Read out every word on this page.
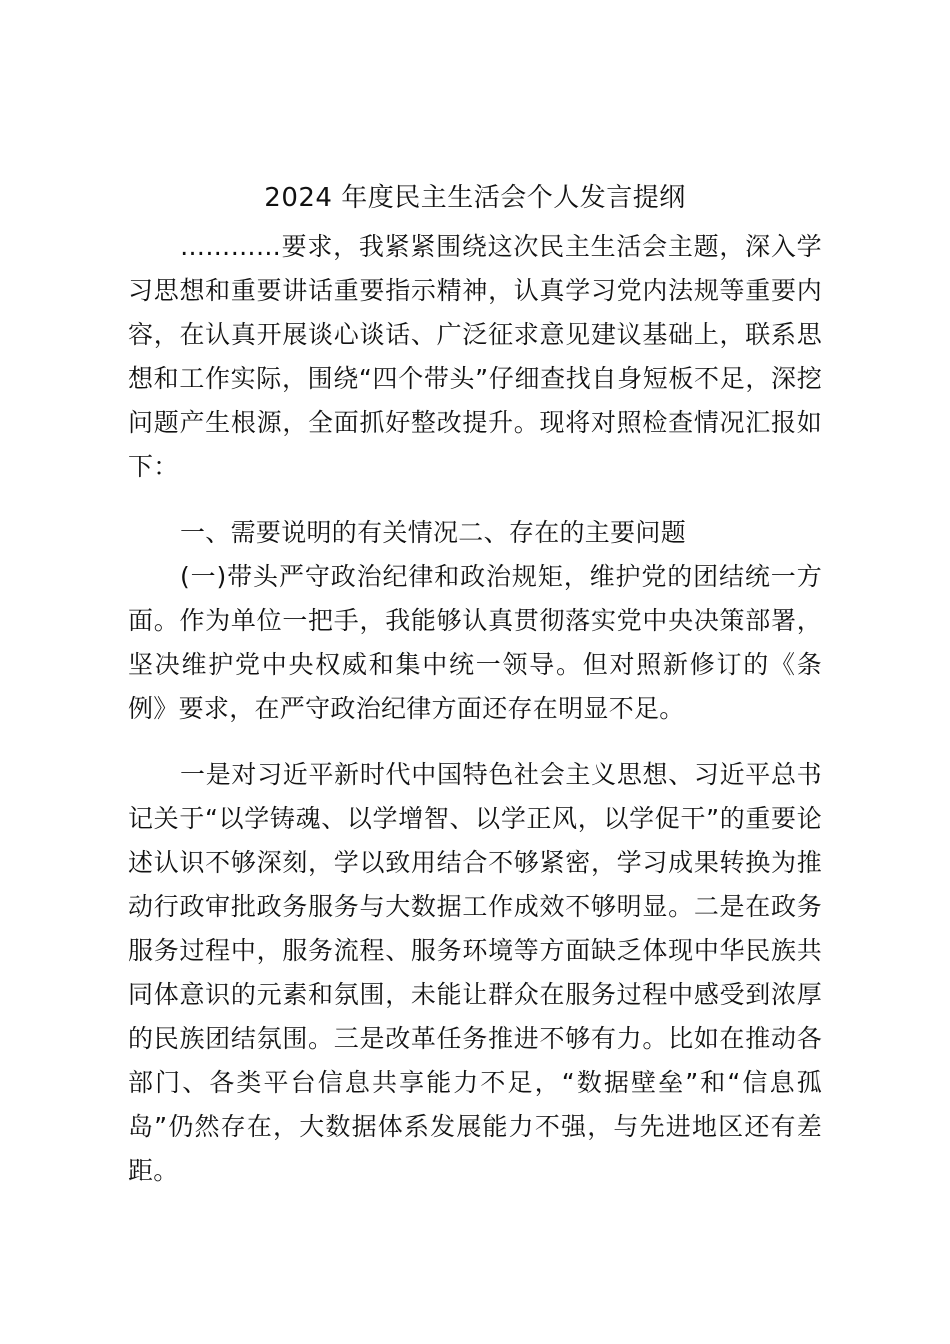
2024 年度民主生活会个人发言提纲

…………要求，我紧紧围绕这次民主生活会主题，深入学习思想和重要讲话重要指示精神，认真学习党内法规等重要内容，在认真开展谈心谈话、广泛征求意见建议基础上，联系思想和工作实际，围绕“四个带头”仔细查找自身短板不足，深挖问题产生根源，全面抓好整改提升。现将对照检查情况汇报如下：

一、需要说明的有关情况二、存在的主要问题

(一)带头严守政治纪律和政治规矩，维护党的团结统一方面。作为单位一把手，我能够认真贯彻落实党中央决策部署，坚决维护党中央权威和集中统一领导。但对照新修订的《条例》要求，在严守政治纪律方面还存在明显不足。

一是对习近平新时代中国特色社会主义思想、习近平总书记关于“以学铸魂、以学增智、以学正风，以学促干”的重要论述认识不够深刻，学以致用结合不够紧密，学习成果转换为推动行政审批政务服务与大数据工作成效不够明显。二是在政务服务过程中，服务流程、服务环境等方面缺乏体现中华民族共同体意识的元素和氛围，未能让群众在服务过程中感受到浓厚的民族团结氛围。三是改革任务推进不够有力。比如在推动各部门、各类平台信息共享能力不足，“数据壁垒”和“信息孤岛”仍然存在，大数据体系发展能力不强，与先进地区还有差距。
